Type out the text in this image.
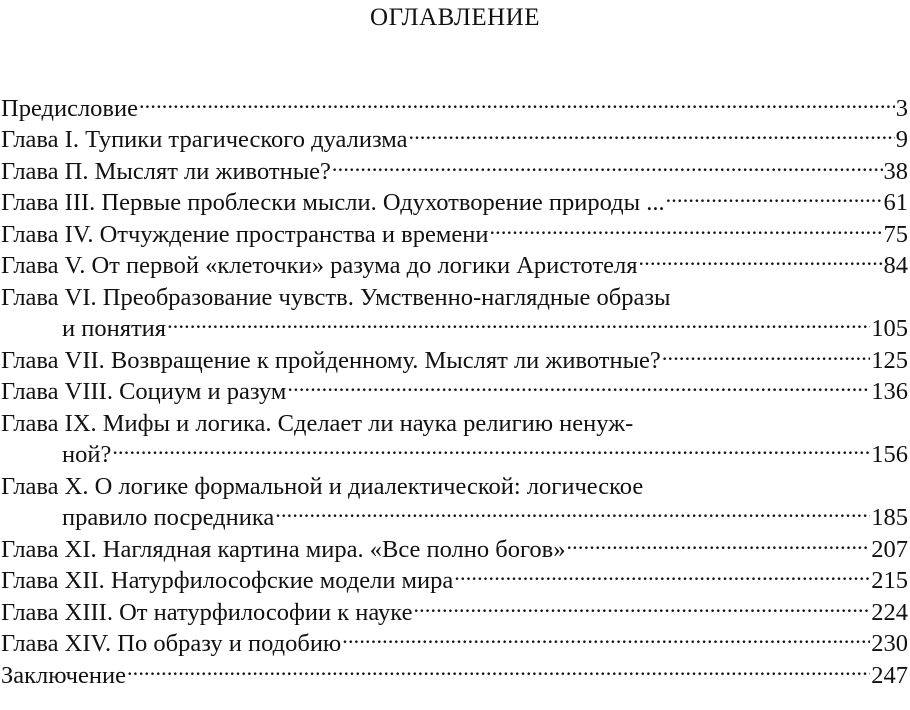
ОГЛАВЛЕНИЕ
Предисловие .....	3
Глава I. Тупики трагического дуализма .....	9
Глава П. Мыслят ли животные? .....	38
Глава III. Первые проблески мысли. Одухотворение природы ... .....	61
Глава IV. Отчуждение пространства и времени .....	75
Глава V. От первой «клеточки» разума до логики Аристотеля .....	84
Глава VI. Преобразование чувств. Умственно-наглядные образы
и понятия .....	105
Глава VII. Возвращение к пройденному. Мыслят ли животные? .....	125
Глава VIII. Социум и разум .....	136
Глава IX. Мифы и логика. Сделает ли наука религию ненуж-
ной? .....	156
Глава X. О логике формальной и диалектической: логическое
правило посредника .....	185
Глава XI. Наглядная картина мира. «Все полно богов» .....	207
Глава XII. Натурфилософские модели мира .....	215
Глава XIII. От натурфилософии к науке .....	224
Глава XIV. По образу и подобию .....	230
Заключение .....	247
